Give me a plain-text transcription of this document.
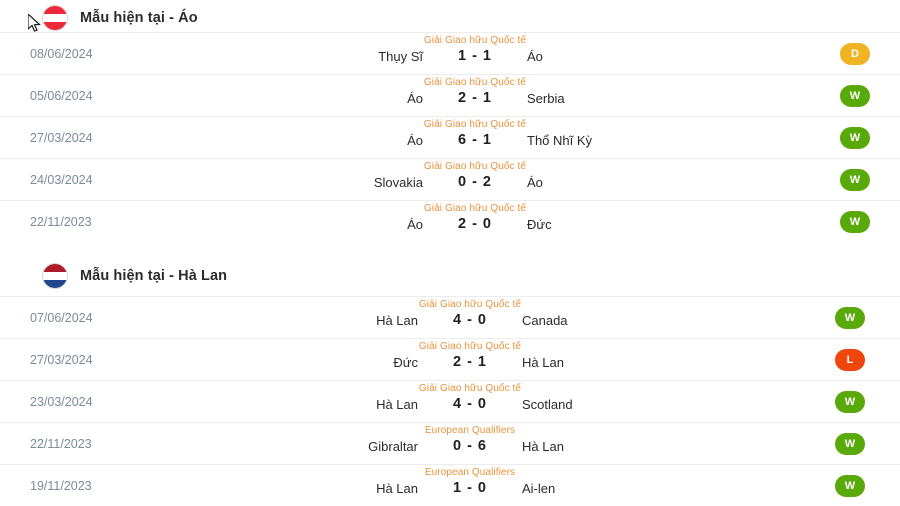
Mẫu hiện tại - Áo
08/06/2024
Giải Giao hữu Quốc tế
Thụy Sĩ	1 - 1	Áo	D
05/06/2024
Giải Giao hữu Quốc tế
Áo	2 - 1	Serbia	W
27/03/2024
Giải Giao hữu Quốc tế
Áo	6 - 1	Thổ Nhĩ Kỳ	W
24/03/2024
Giải Giao hữu Quốc tế
Slovakia	0 - 2	Áo	W
22/11/2023
Giải Giao hữu Quốc tế
Áo	2 - 0	Đức	W
Mẫu hiện tại - Hà Lan
07/06/2024
Giải Giao hữu Quốc tế
Hà Lan	4 - 0	Canada	W
27/03/2024
Giải Giao hữu Quốc tế
Đức	2 - 1	Hà Lan	L
23/03/2024
Giải Giao hữu Quốc tế
Hà Lan	4 - 0	Scotland	W
22/11/2023
European Qualifiers
Gibraltar	0 - 6	Hà Lan	W
19/11/2023
European Qualifiers
Hà Lan	1 - 0	Ai-len	W
